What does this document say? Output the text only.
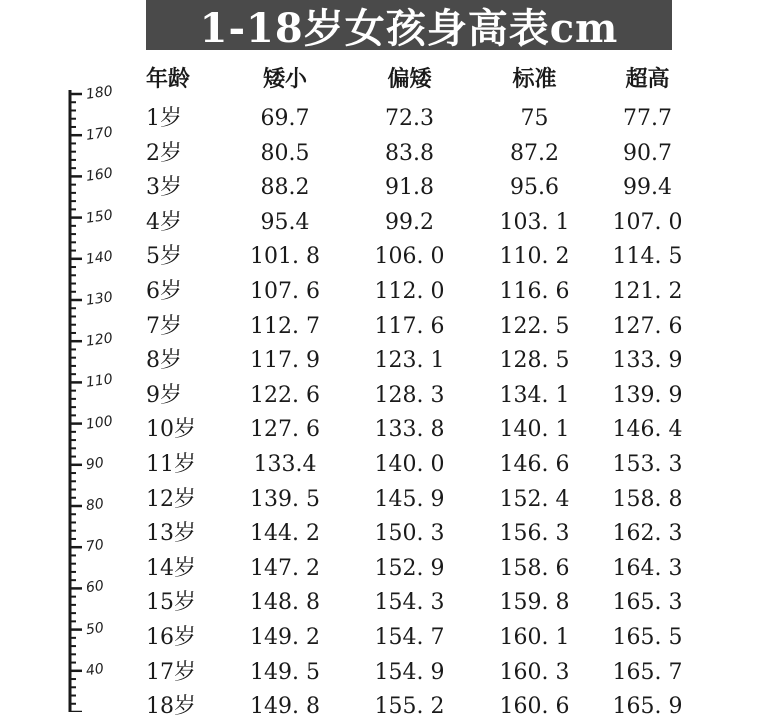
1-18岁女孩身高表cm
180
170
160
150
140
130
120
110
100
90
80
70
60
50
40
年龄	矮小	偏矮	标准	超高
1岁	69.7	72.3	75	77.7
2岁	80.5	83.8	87.2	90.7
3岁	88.2	91.8	95.6	99.4
4岁	95.4	99.2	103. 1	107. 0
5岁	101. 8	106. 0	110. 2	114. 5
6岁	107. 6	112. 0	116. 6	121. 2
7岁	112. 7	117. 6	122. 5	127. 6
8岁	117. 9	123. 1	128. 5	133. 9
9岁	122. 6	128. 3	134. 1	139. 9
10岁	127. 6	133. 8	140. 1	146. 4
11岁	133.4	140. 0	146. 6	153. 3
12岁	139. 5	145. 9	152. 4	158. 8
13岁	144. 2	150. 3	156. 3	162. 3
14岁	147. 2	152. 9	158. 6	164. 3
15岁	148. 8	154. 3	159. 8	165. 3
16岁	149. 2	154. 7	160. 1	165. 5
17岁	149. 5	154. 9	160. 3	165. 7
18岁	149. 8	155. 2	160. 6	165. 9
